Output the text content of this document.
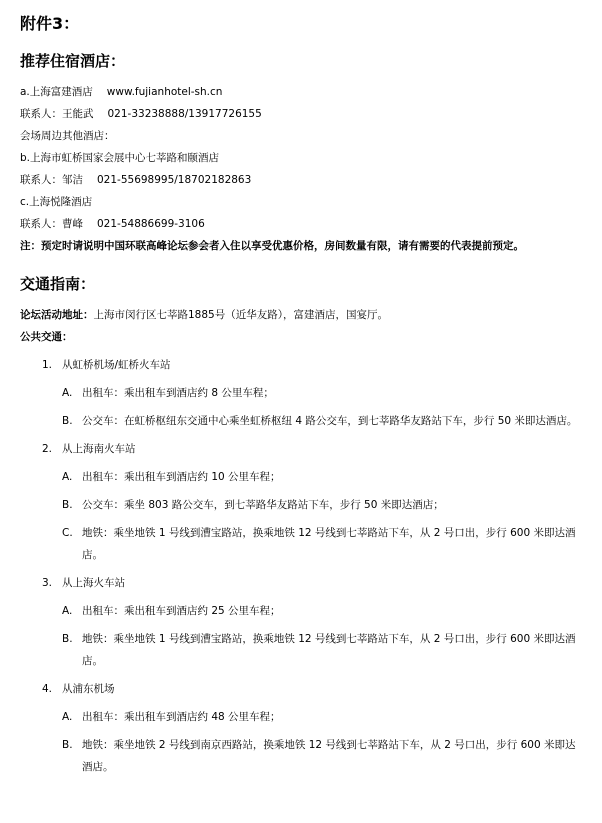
附件3：
推荐住宿酒店：
a.上海富建酒店 www.fujianhotel-sh.cn
联系人：王能武 021-33238888/13917726155
会场周边其他酒店：
b.上海市虹桥国家会展中心七莘路和颐酒店
联系人：邹洁 021-55698995/18702182863
c.上海悦隆酒店
联系人：曹峰 021-54886699-3106
注：预定时请说明中国环联高峰论坛参会者入住以享受优惠价格，房间数量有限，请有需要的代表提前预定。
交通指南：
论坛活动地址：上海市闵行区七莘路1885号（近华友路），富建酒店，国宴厅。
公共交通：
1. 从虹桥机场/虹桥火车站
A. 出租车：乘出租车到酒店约 8 公里车程；
B. 公交车：在虹桥枢纽东交通中心乘坐虹桥枢纽 4 路公交车，到七莘路华友路站下车，步行 50 米即达酒店。
2. 从上海南火车站
A. 出租车：乘出租车到酒店约 10 公里车程；
B. 公交车：乘坐 803 路公交车，到七莘路华友路站下车，步行 50 米即达酒店；
C. 地铁：乘坐地铁 1 号线到漕宝路站，换乘地铁 12 号线到七莘路站下车，从 2 号口出，步行 600 米即达酒店。
3. 从上海火车站
A. 出租车：乘出租车到酒店约 25 公里车程；
B. 地铁：乘坐地铁 1 号线到漕宝路站，换乘地铁 12 号线到七莘路站下车，从 2 号口出，步行 600 米即达酒店。
4. 从浦东机场
A. 出租车：乘出租车到酒店约 48 公里车程；
B. 地铁：乘坐地铁 2 号线到南京西路站，换乘地铁 12 号线到七莘路站下车，从 2 号口出，步行 600 米即达酒店。
